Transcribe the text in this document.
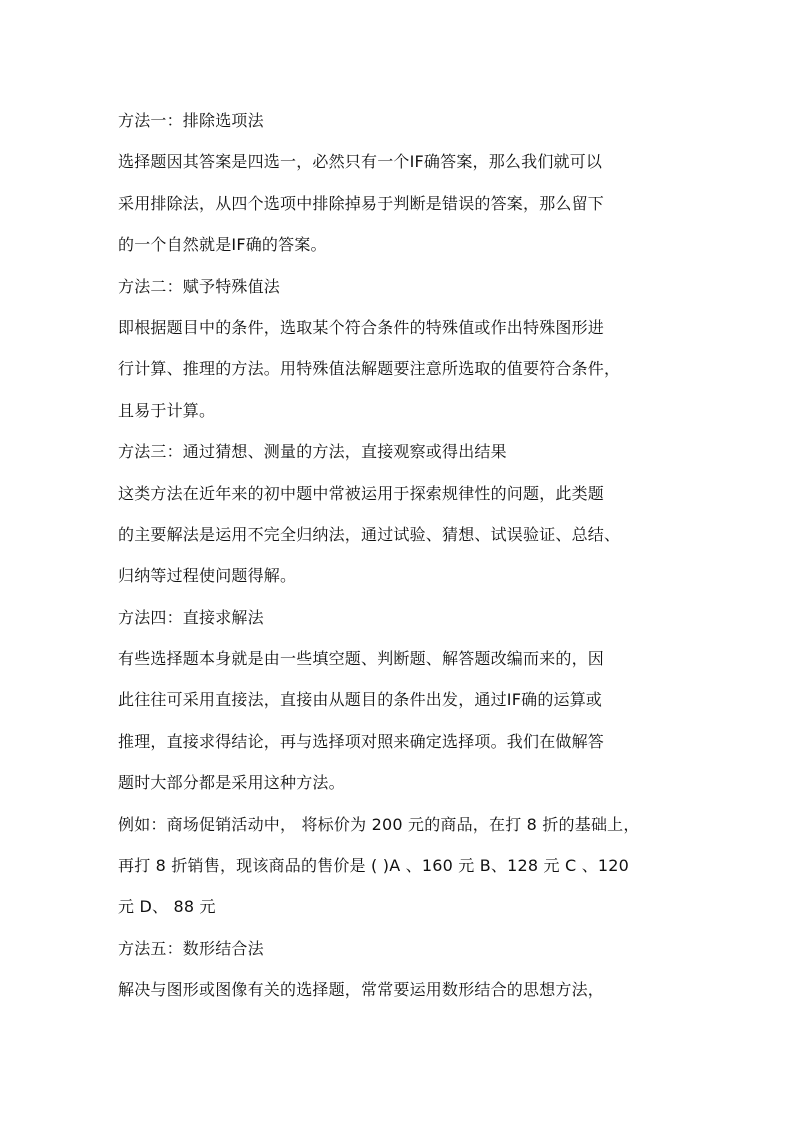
方法一：排除选项法
选择题因其答案是四选一，必然只有一个IF确答案，那么我们就可以
采用排除法，从四个选项中排除掉易于判断是错误的答案，那么留下
的一个自然就是IF确的答案。
方法二：赋予特殊值法
即根据题目中的条件，选取某个符合条件的特殊值或作出特殊图形进
行计算、推理的方法。用特殊值法解题要注意所选取的值要符合条件，
且易于计算。
方法三：通过猜想、测量的方法，直接观察或得出结果
这类方法在近年来的初中题中常被运用于探索规律性的问题，此类题
的主要解法是运用不完全归纳法，通过试验、猜想、试误验证、总结、
归纳等过程使问题得解。
方法四：直接求解法
有些选择题本身就是由一些填空题、判断题、解答题改编而来的，因
此往往可采用直接法，直接由从题目的条件出发，通过IF确的运算或
推理，直接求得结论，再与选择项对照来确定选择项。我们在做解答
题时大部分都是采用这种方法。
例如：商场促销活动中， 将标价为 200 元的商品，在打 8 折的基础上，
再打 8 折销售，现该商品的售价是 ( )A 、160 元 B、128 元 C 、120
元 D、 88 元
方法五：数形结合法
解决与图形或图像有关的选择题，常常要运用数形结合的思想方法，
